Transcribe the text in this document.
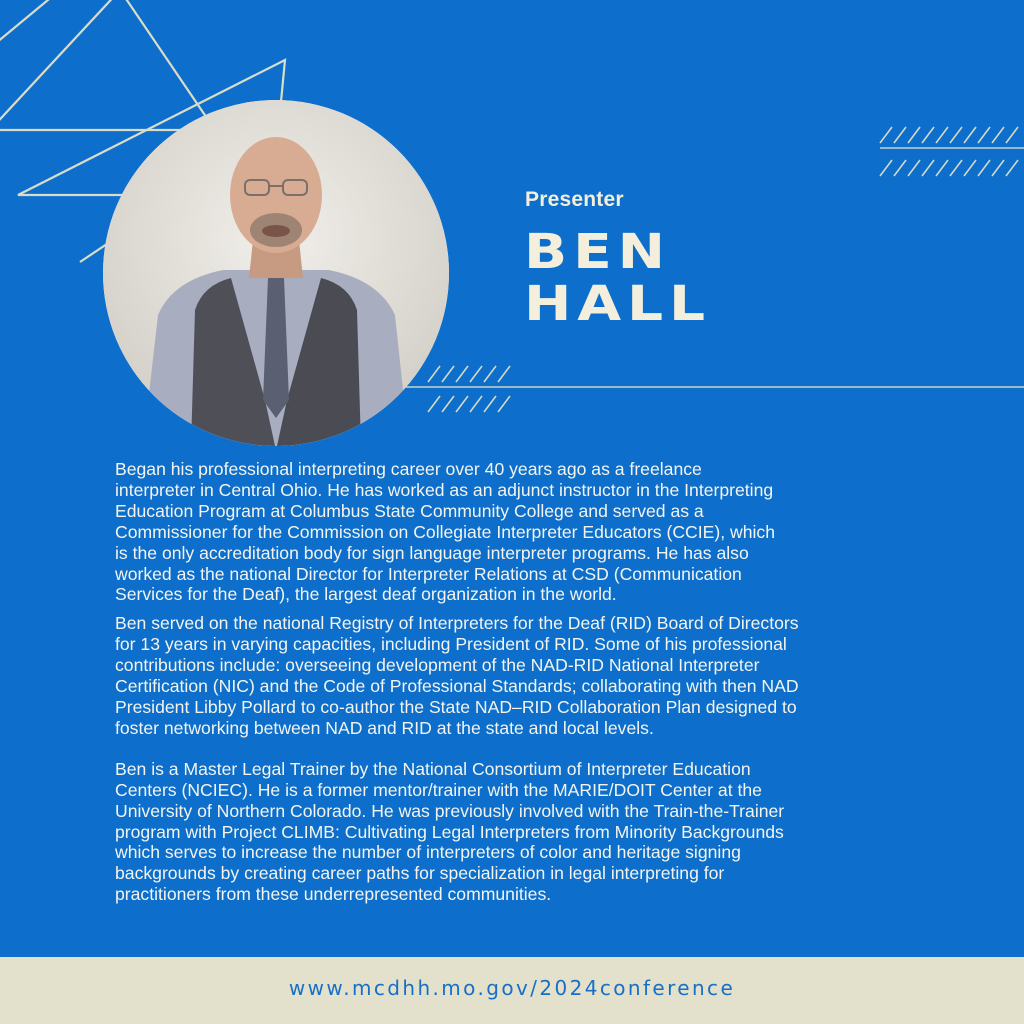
Presenter
BEN
HALL

Began his professional interpreting career over 40 years ago as a freelance
interpreter in Central Ohio. He has worked as an adjunct instructor in the Interpreting
Education Program at Columbus State Community College and served as a
Commissioner for the Commission on Collegiate Interpreter Educators (CCIE), which
is the only accreditation body for sign language interpreter programs. He has also
worked as the national Director for Interpreter Relations at CSD (Communication
Services for the Deaf), the largest deaf organization in the world.

Ben served on the national Registry of Interpreters for the Deaf (RID) Board of Directors
for 13 years in varying capacities, including President of RID. Some of his professional
contributions include: overseeing development of the NAD-RID National Interpreter
Certification (NIC) and the Code of Professional Standards; collaborating with then NAD
President Libby Pollard to co-author the State NAD–RID Collaboration Plan designed to
foster networking between NAD and RID at the state and local levels.

Ben is a Master Legal Trainer by the National Consortium of Interpreter Education
Centers (NCIEC). He is a former mentor/trainer with the MARIE/DOIT Center at the
University of Northern Colorado. He was previously involved with the Train-the-Trainer
program with Project CLIMB: Cultivating Legal Interpreters from Minority Backgrounds
which serves to increase the number of interpreters of color and heritage signing
backgrounds by creating career paths for specialization in legal interpreting for
practitioners from these underrepresented communities.

www.mcdhh.mo.gov/2024conference
